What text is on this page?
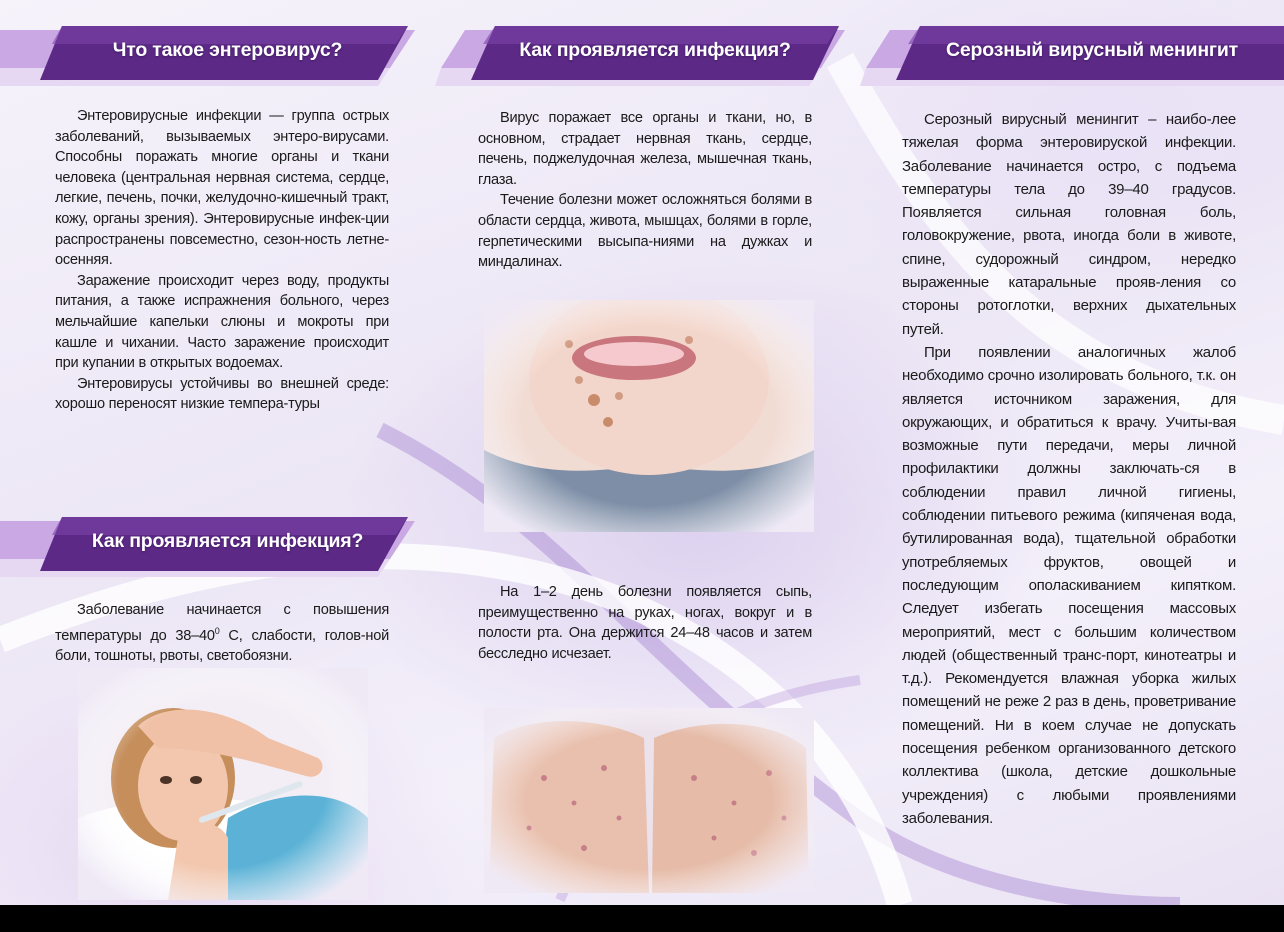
Что такое энтеровирус?

Энтеровирусные инфекции — группа острых заболеваний, вызываемых энтеро-вирусами. Способны поражать многие органы и ткани человека (центральная нервная система, сердце, легкие, печень, почки, желудочно-кишечный тракт, кожу, органы зрения). Энтеровирусные инфек-ции распространены повсеместно, сезон-ность летне-осенняя.

Заражение происходит через воду, продукты питания, а также испражнения больного, через мельчайшие капельки слюны и мокроты при кашле и чихании. Часто заражение происходит при купании в открытых водоемах.

Энтеровирусы устойчивы во внешней среде: хорошо переносят низкие темпера-туры

Как проявляется инфекция?

Заболевание начинается с повышения температуры до $38-40^0$ С, слабости, голов-ной боли, тошноты, рвоты, светобоязни.

Как проявляется инфекция?

Вирус поражает все органы и ткани, но, в основном, страдает нервная ткань, сердце, печень, поджелудочная железа, мышечная ткань, глаза.

Течение болезни может осложняться болями в области сердца, живота, мышцах, болями в горле, герпетическими высыпа-ниями на дужках и миндалинах.

На 1–2 день болезни появляется сыпь, преимущественно на руках, ногах, вокруг и в полости рта. Она держится 24–48 часов и затем бесследно исчезает.

Серозный вирусный менингит

Серозный вирусный менингит – наибо-лее тяжелая форма энтеровируской инфекции. Заболевание начинается остро, с подъема температуры тела до 39–40 градусов. Появляется сильная головная боль, головокружение, рвота, иногда боли в животе, спине, судорожный синдром, нередко выраженные катаральные прояв-ления со стороны ротоглотки, верхних дыхательных путей.

При появлении аналогичных жалоб необходимо срочно изолировать больного, т.к. он является источником заражения, для окружающих, и обратиться к врачу. Учиты-вая возможные пути передачи, меры личной профилактики должны заключать-ся в соблюдении правил личной гигиены, соблюдении питьевого режима (кипяченая вода, бутилированная вода), тщательной обработки употребляемых фруктов, овощей и последующим ополаскиванием кипятком. Следует избегать посещения массовых мероприятий, мест с большим количеством людей (общественный транс-порт, кинотеатры и т.д.). Рекомендуется влажная уборка жилых помещений не реже 2 раз в день, проветривание помещений. Ни в коем случае не допускать посещения ребенком организованного детского коллектива (школа, детские дошкольные учреждения) с любыми проявлениями заболевания.
